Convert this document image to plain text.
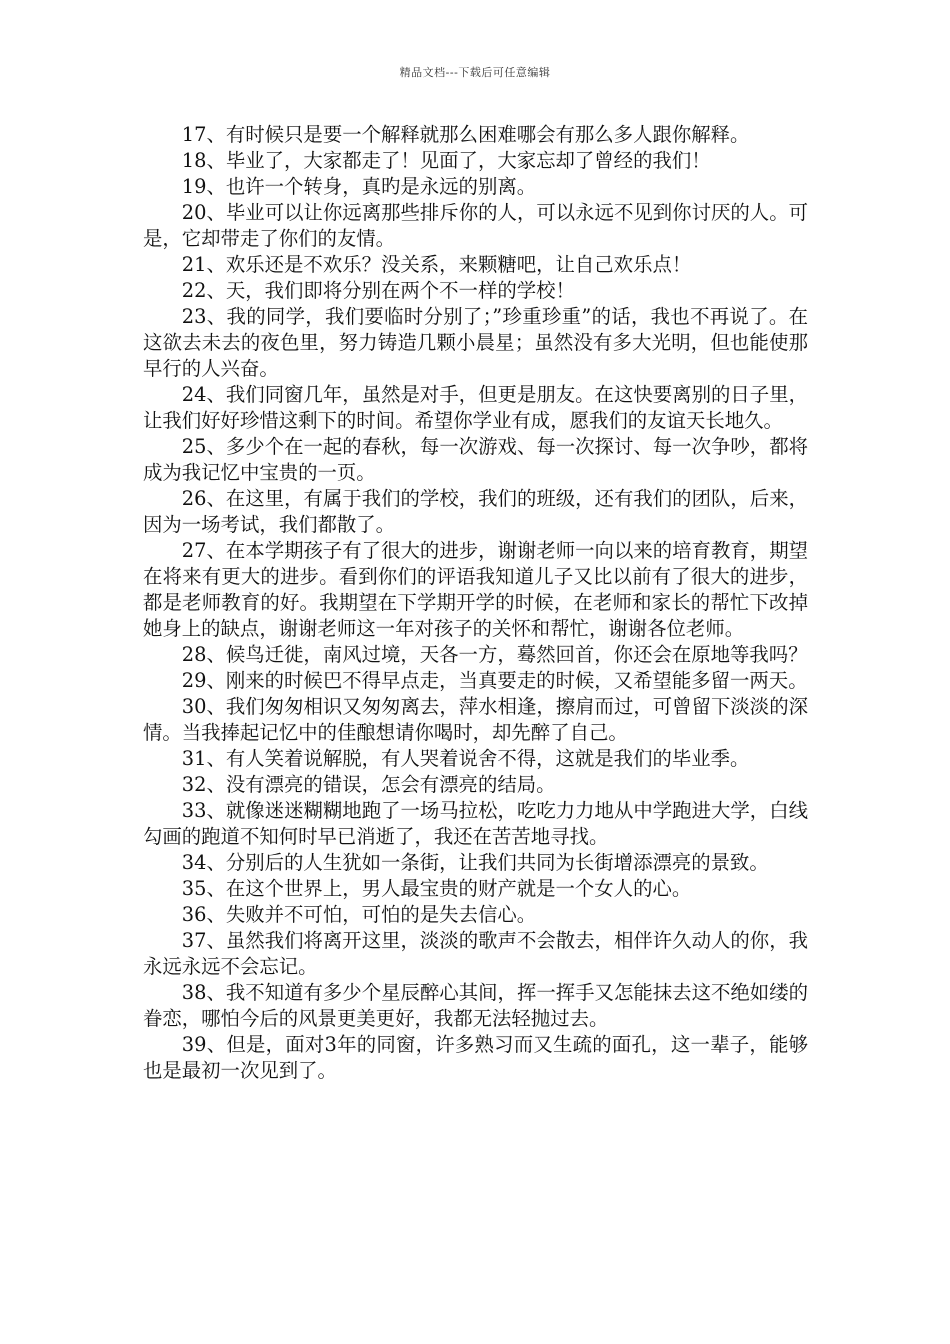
精品文档---下载后可任意编辑

17、有时候只是要一个解释就那么困难哪会有那么多人跟你解释。

18、毕业了，大家都走了！见面了，大家忘却了曾经的我们！

19、也许一个转身，真旳是永远的别离。

20、毕业可以让你远离那些排斥你的人，可以永远不见到你讨厌的人。可是，它却带走了你们的友情。

21、欢乐还是不欢乐？没关系，来颗糖吧，让自己欢乐点！

22、天，我们即将分别在两个不一样的学校！

23、我的同学，我们要临时分别了；”珍重珍重”的话，我也不再说了。在这欲去未去的夜色里，努力铸造几颗小晨星；虽然没有多大光明，但也能使那早行的人兴奋。

24、我们同窗几年，虽然是对手，但更是朋友。在这快要离别的日子里，让我们好好珍惜这剩下的时间。希望你学业有成，愿我们的友谊天长地久。

25、多少个在一起的春秋，每一次游戏、每一次探讨、每一次争吵，都将成为我记忆中宝贵的一页。

26、在这里，有属于我们的学校，我们的班级，还有我们的团队，后来，因为一场考试，我们都散了。

27、在本学期孩子有了很大的进步，谢谢老师一向以来的培育教育，期望在将来有更大的进步。看到你们的评语我知道儿子又比以前有了很大的进步，都是老师教育的好。我期望在下学期开学的时候，在老师和家长的帮忙下改掉她身上的缺点，谢谢老师这一年对孩子的关怀和帮忙，谢谢各位老师。

28、候鸟迁徙，南风过境，天各一方，蓦然回首，你还会在原地等我吗？

29、刚来的时候巴不得早点走，当真要走的时候，又希望能多留一两天。

30、我们匆匆相识又匆匆离去，萍水相逢，擦肩而过，可曾留下淡淡的深情。当我捧起记忆中的佳酿想请你喝时，却先醉了自己。

31、有人笑着说解脱，有人哭着说舍不得，这就是我们的毕业季。

32、没有漂亮的错误，怎会有漂亮的结局。

33、就像迷迷糊糊地跑了一场马拉松，吃吃力力地从中学跑进大学，白线勾画的跑道不知何时早已消逝了，我还在苦苦地寻找。

34、分别后的人生犹如一条街，让我们共同为长街增添漂亮的景致。

35、在这个世界上，男人最宝贵的财产就是一个女人的心。

36、失败并不可怕，可怕的是失去信心。

37、虽然我们将离开这里，淡淡的歌声不会散去，相伴许久动人的你，我永远永远不会忘记。

38、我不知道有多少个星辰醉心其间，挥一挥手又怎能抹去这不绝如缕的眷恋，哪怕今后的风景更美更好，我都无法轻抛过去。

39、但是，面对3年的同窗，许多熟习而又生疏的面孔，这一辈子，能够也是最初一次见到了。
